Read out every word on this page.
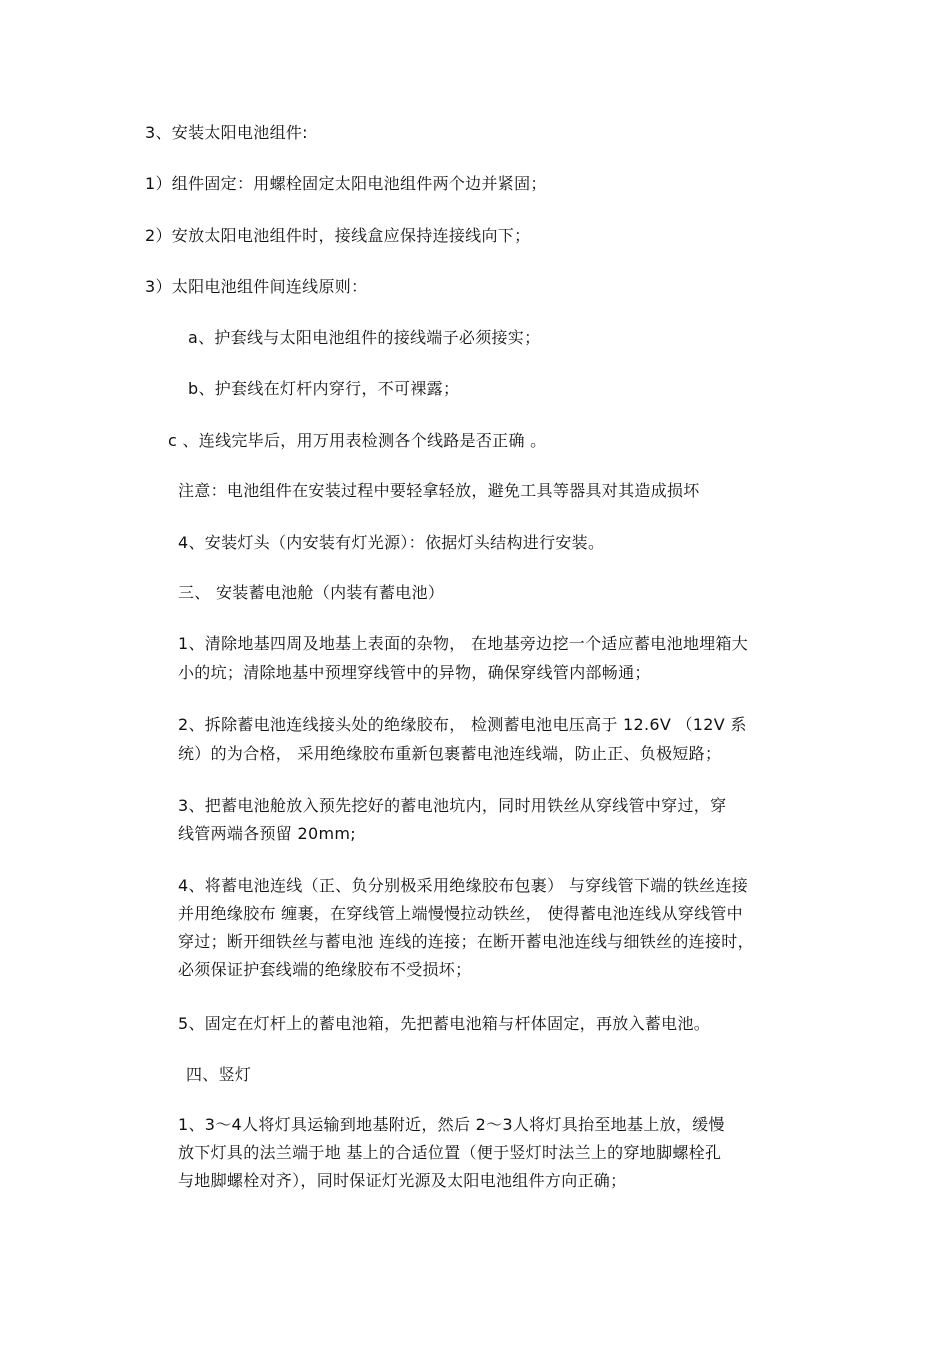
3、安装太阳电池组件:
1）组件固定：用螺栓固定太阳电池组件两个边并紧固；
2）安放太阳电池组件时，接线盒应保持连接线向下；
3）太阳电池组件间连线原则：
a、护套线与太阳电池组件的接线端子必须接实；
b、护套线在灯杆内穿行，不可裸露；
c 、连线完毕后，用万用表检测各个线路是否正确 。
注意：电池组件在安装过程中要轻拿轻放，避免工具等器具对其造成损坏
4、安装灯头（内安装有灯光源）：依据灯头结构进行安装。
三、 安装蓄电池舱（内装有蓄电池）
1、清除地基四周及地基上表面的杂物， 在地基旁边挖一个适应蓄电池地埋箱大
小的坑；清除地基中预埋穿线管中的异物，确保穿线管内部畅通；
2、拆除蓄电池连线接头处的绝缘胶布， 检测蓄电池电压高于 12.6V （12V 系
统）的为合格， 采用绝缘胶布重新包裹蓄电池连线端，防止正、负极短路；
3、把蓄电池舱放入预先挖好的蓄电池坑内，同时用铁丝从穿线管中穿过，穿
线管两端各预留 20mm;
4、将蓄电池连线（正、负分别极采用绝缘胶布包裹） 与穿线管下端的铁丝连接
并用绝缘胶布 缠裹，在穿线管上端慢慢拉动铁丝， 使得蓄电池连线从穿线管中
穿过；断开细铁丝与蓄电池 连线的连接；在断开蓄电池连线与细铁丝的连接时，
必须保证护套线端的绝缘胶布不受损坏；
5、固定在灯杆上的蓄电池箱，先把蓄电池箱与杆体固定，再放入蓄电池。
四、竖灯
1、3～4人将灯具运输到地基附近，然后 2～3人将灯具抬至地基上放，缓慢
放下灯具的法兰端于地 基上的合适位置（便于竖灯时法兰上的穿地脚螺栓孔
与地脚螺栓对齐），同时保证灯光源及太阳电池组件方向正确；
